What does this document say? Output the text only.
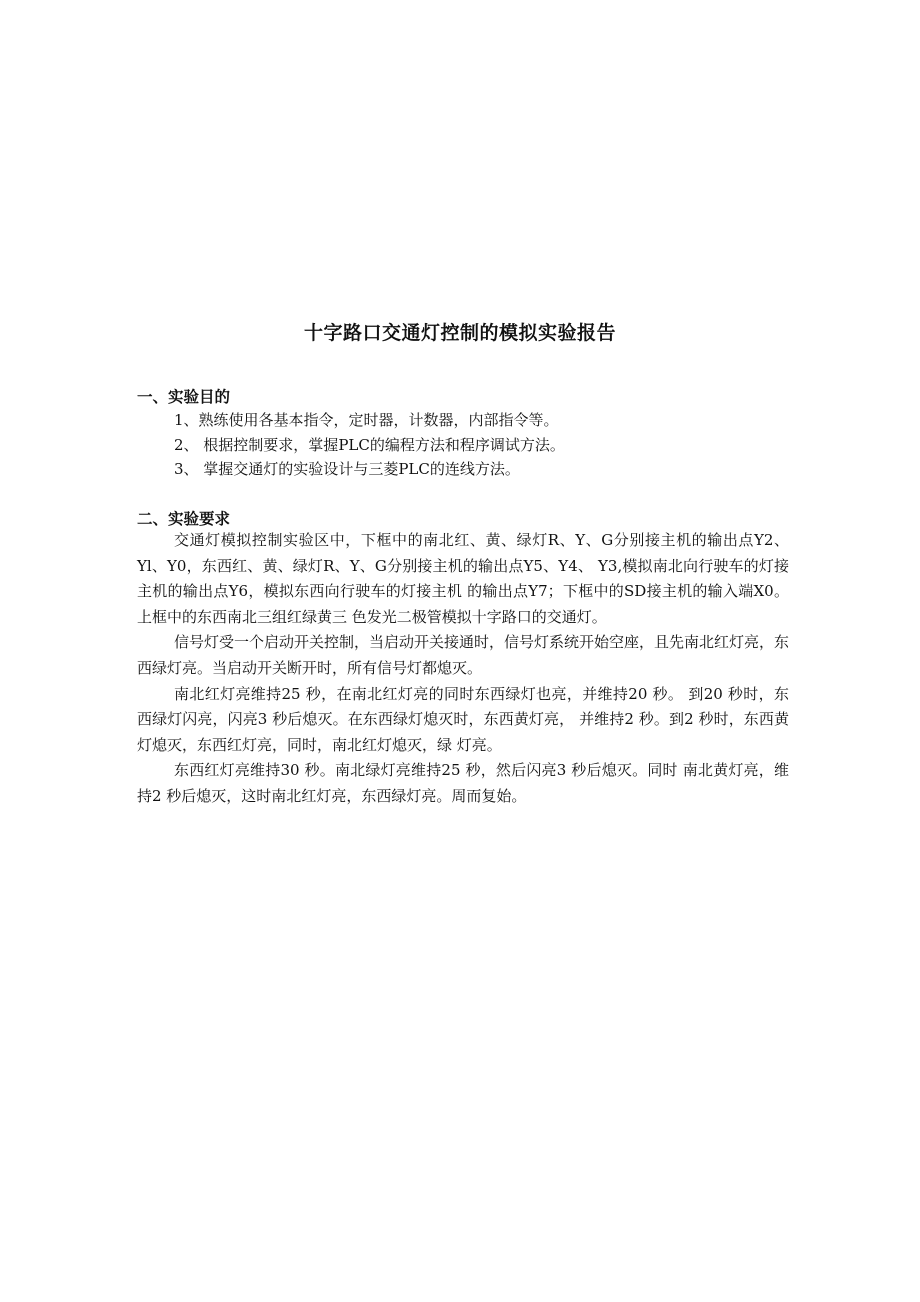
十字路口交通灯控制的模拟实验报告
一、实验目的
1、熟练使用各基本指令，定时器，计数器，内部指令等。
2、 根据控制要求，掌握PLC的编程方法和程序调试方法。
3、 掌握交通灯的实验设计与三菱PLC的连线方法。
二、实验要求

交通灯模拟控制实验区中，下框中的南北红、黄、绿灯R、Y、G分别接主机的输出点Y2、Yl、Y0，东西红、黄、绿灯R、Y、G分别接主机的输出点Y5、Y4、 Y3,模拟南北向行驶车的灯接主机的输出点Y6，模拟东西向行驶车的灯接主机 的输出点Y7；下框中的SD接主机的输入端X0。上框中的东西南北三组红绿黄三 色发光二极管模拟十字路口的交通灯。

信号灯受一个启动开关控制，当启动开关接通时，信号灯系统开始空座，且先南北红灯亮，东西绿灯亮。当启动开关断开时，所有信号灯都熄灭。

南北红灯亮维持25 秒，在南北红灯亮的同时东西绿灯也亮，并维持20 秒。 到20 秒时，东西绿灯闪亮，闪亮3 秒后熄灭。在东西绿灯熄灭时，东西黄灯亮， 并维持2 秒。到2 秒时，东西黄灯熄灭，东西红灯亮，同时，南北红灯熄灭，绿 灯亮。

东西红灯亮维持30 秒。南北绿灯亮维持25 秒，然后闪亮3 秒后熄灭。同时 南北黄灯亮，维持2 秒后熄灭，这时南北红灯亮，东西绿灯亮。周而复始。
